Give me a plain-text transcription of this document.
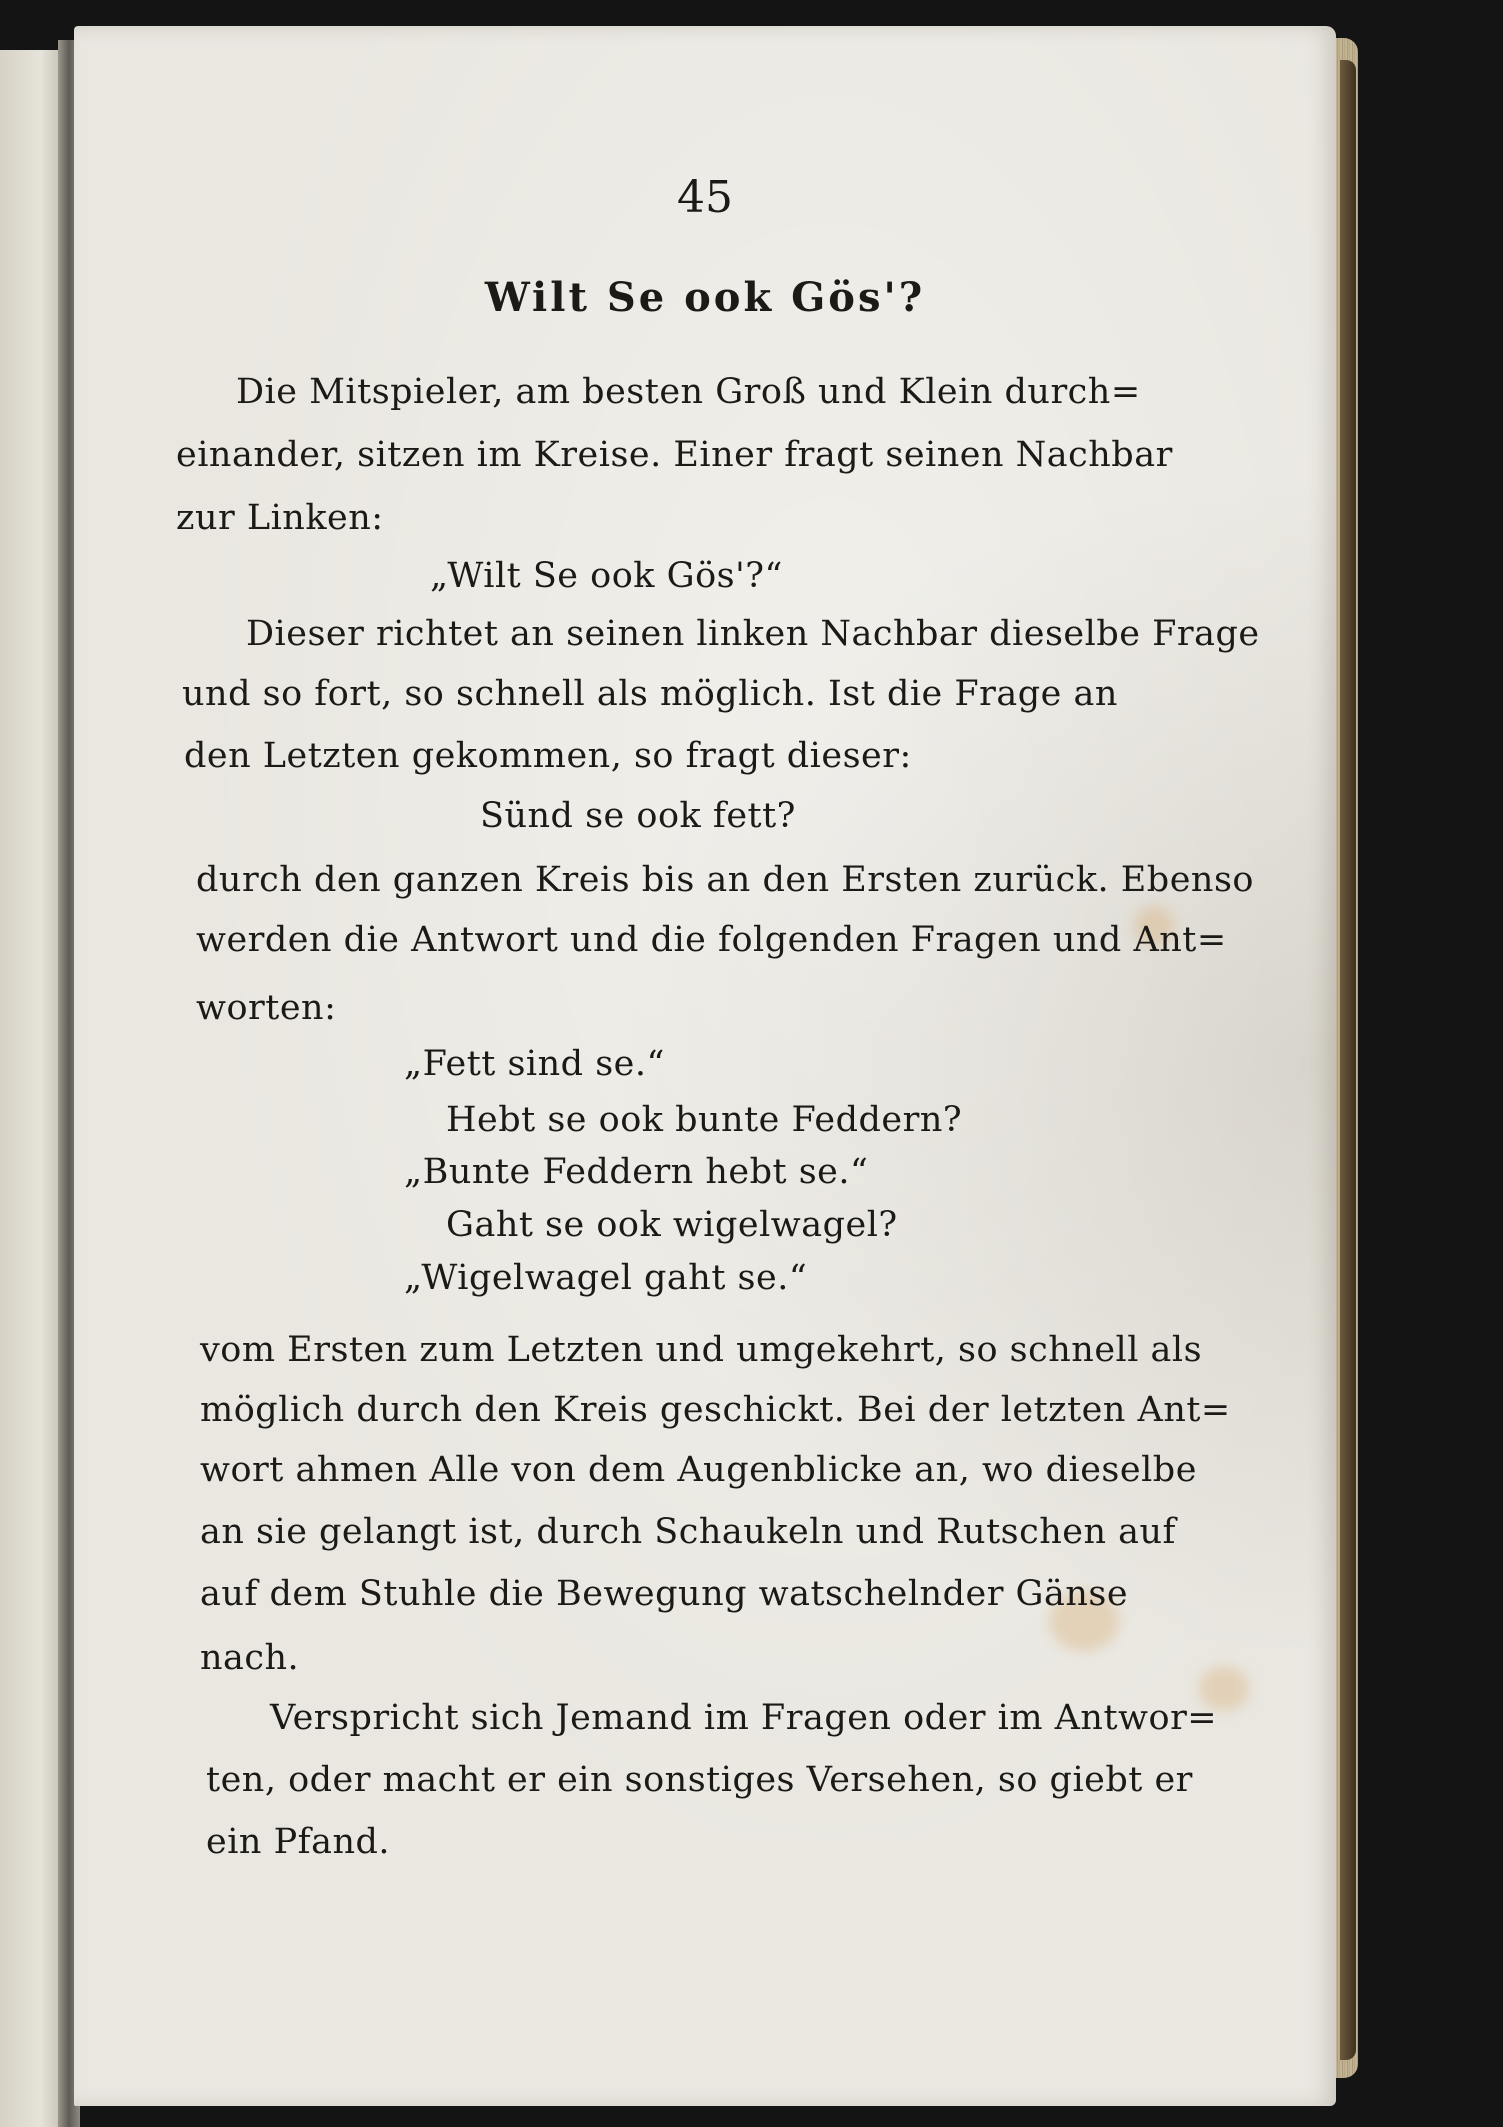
45

Wilt Se ook Gös'?

Die Mitspieler, am besten Groß und Klein durch=

einander, sitzen im Kreise. Einer fragt seinen Nachbar

zur Linken:

„Wilt Se ook Gös'?“

Dieser richtet an seinen linken Nachbar dieselbe Frage

und so fort, so schnell als möglich. Ist die Frage an

den Letzten gekommen, so fragt dieser:

Sünd se ook fett?

durch den ganzen Kreis bis an den Ersten zurück. Ebenso

werden die Antwort und die folgenden Fragen und Ant=

worten:

„Fett sind se.“

Hebt se ook bunte Feddern?

„Bunte Feddern hebt se.“

Gaht se ook wigelwagel?

„Wigelwagel gaht se.“

vom Ersten zum Letzten und umgekehrt, so schnell als

möglich durch den Kreis geschickt. Bei der letzten Ant=

wort ahmen Alle von dem Augenblicke an, wo dieselbe

an sie gelangt ist, durch Schaukeln und Rutschen auf

auf dem Stuhle die Bewegung watschelnder Gänse

nach.

Verspricht sich Jemand im Fragen oder im Antwor=

ten, oder macht er ein sonstiges Versehen, so giebt er

ein Pfand.
